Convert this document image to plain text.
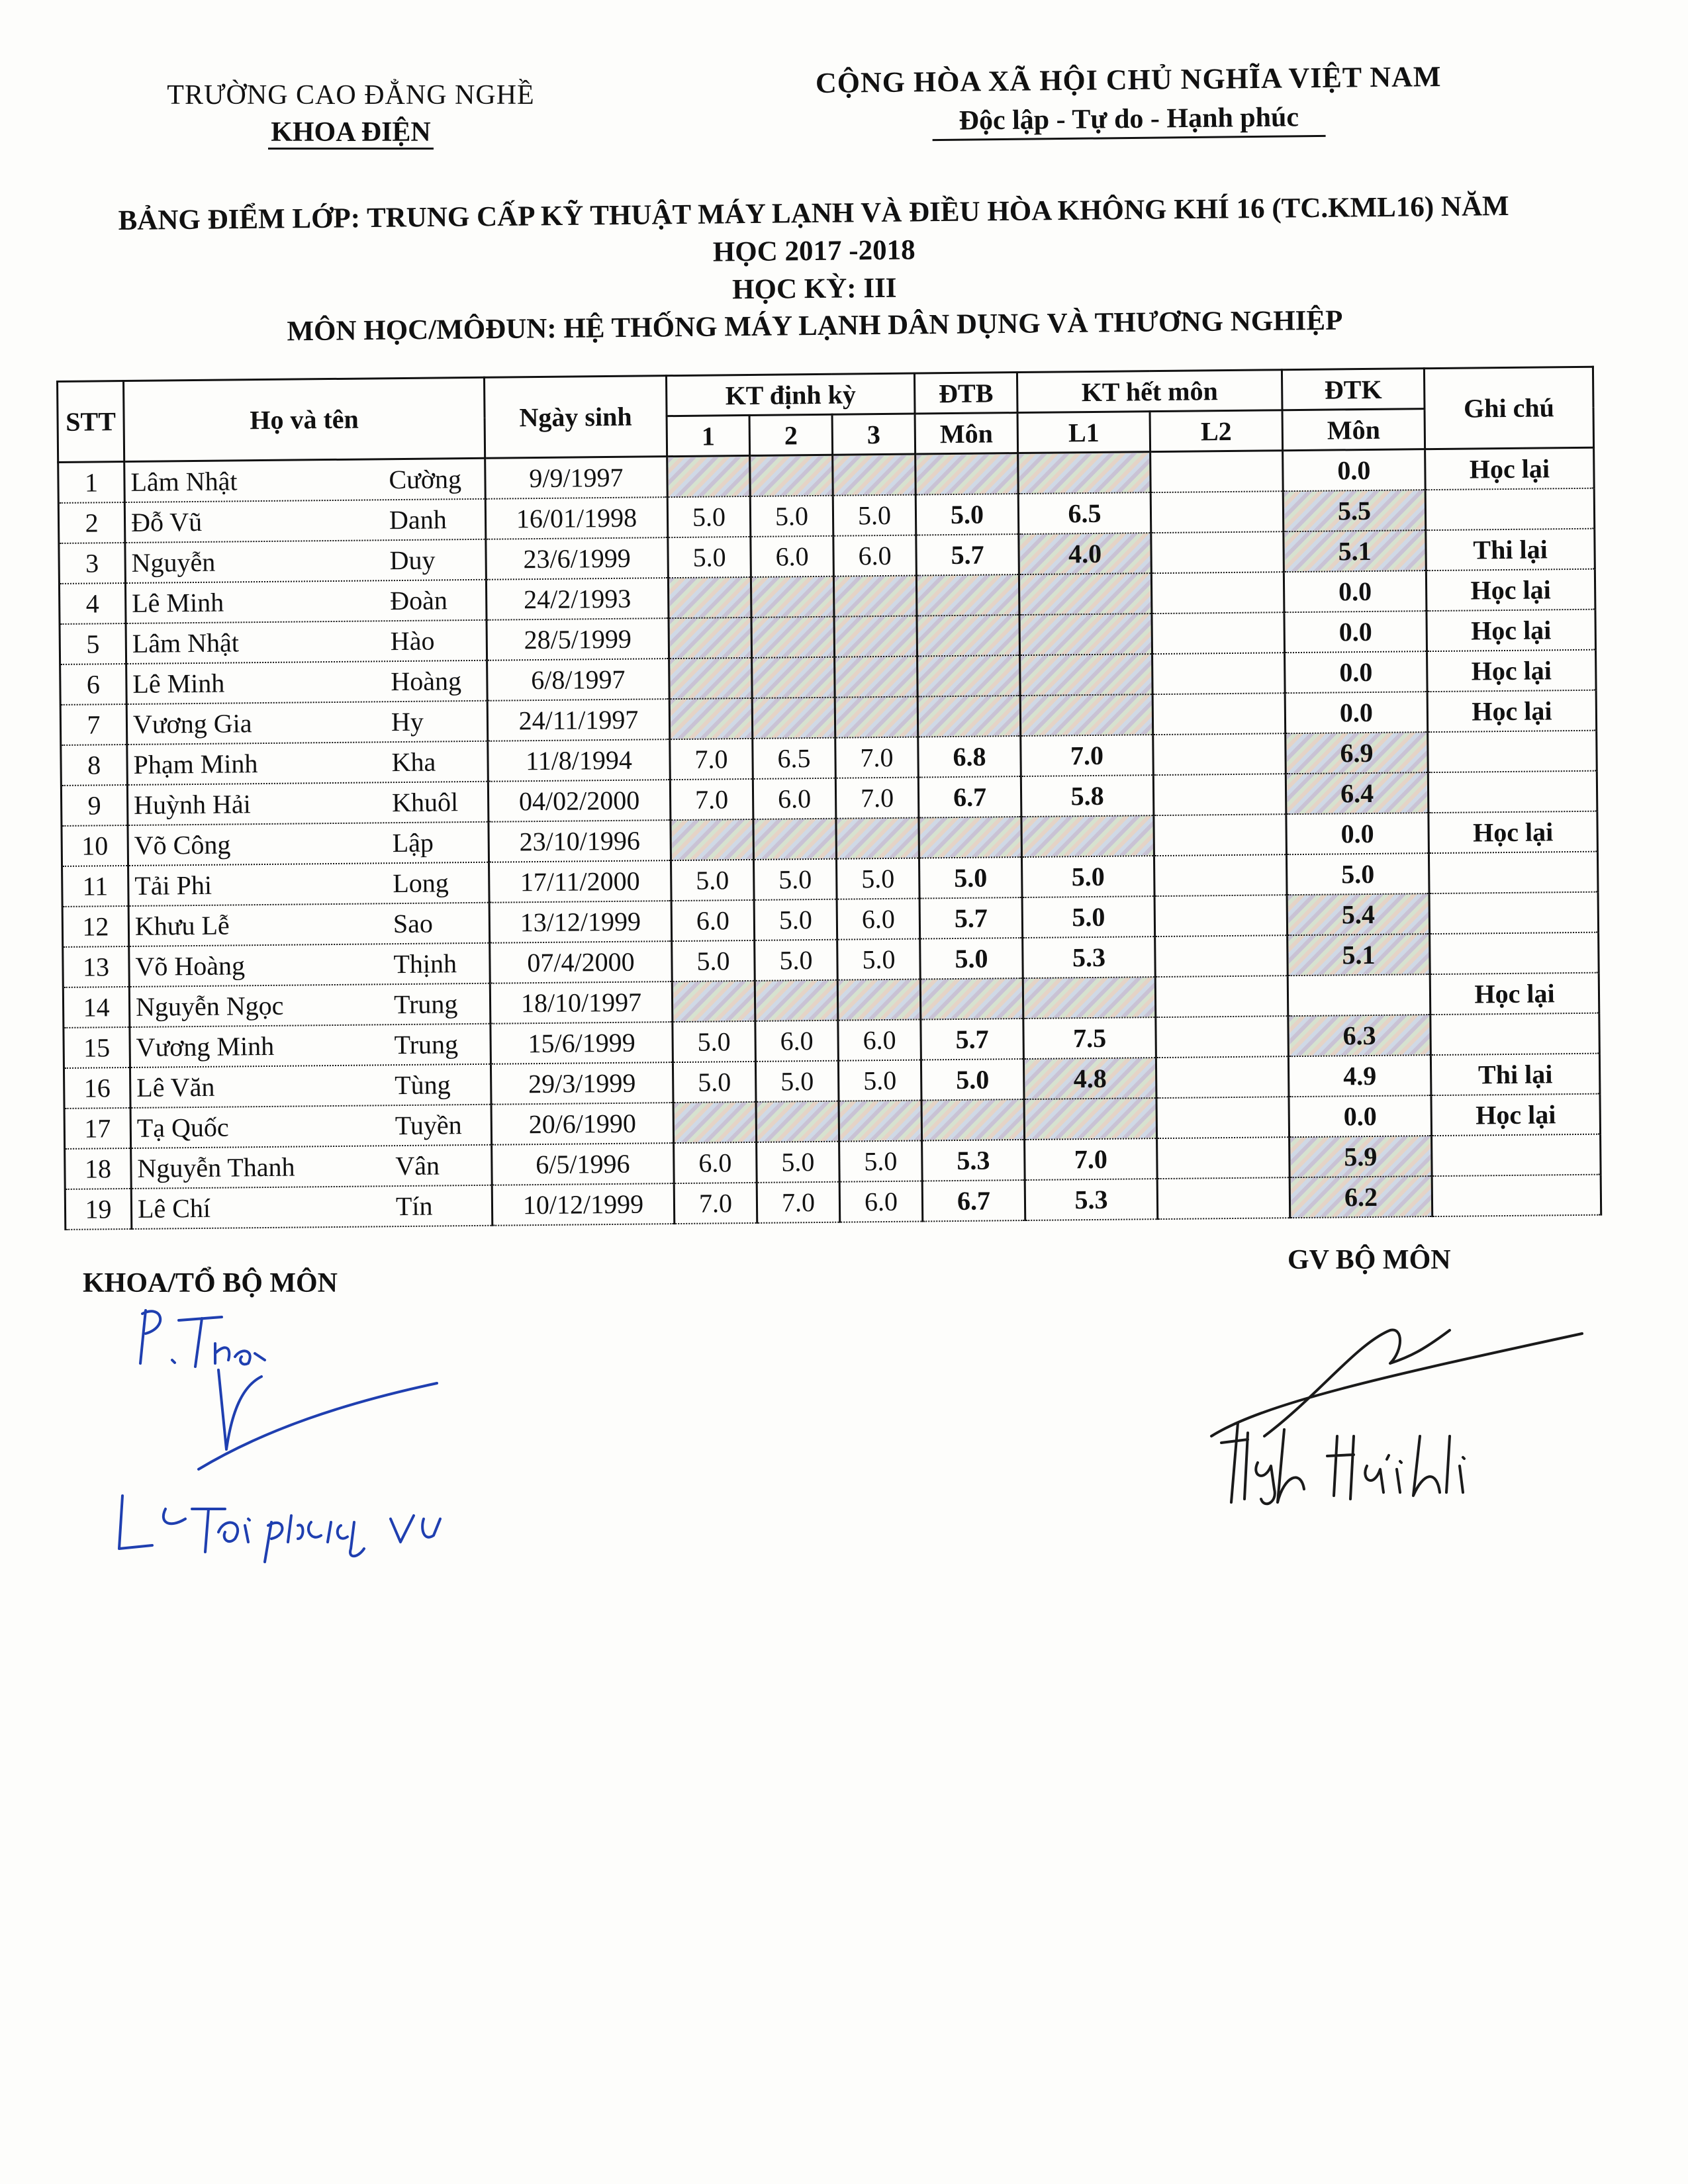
TRƯỜNG CAO ĐẲNG NGHỀ
KHOA ĐIỆN
CỘNG HÒA XÃ HỘI CHỦ NGHĨA VIỆT NAM
Độc lập - Tự do - Hạnh phúc
BẢNG ĐIỂM LỚP: TRUNG CẤP KỸ THUẬT MÁY LẠNH VÀ ĐIỀU HÒA KHÔNG KHÍ 16 (TC.KML16) NĂM
HỌC 2017 -2018
HỌC KỲ: III
MÔN HỌC/MÔĐUN: HỆ THỐNG MÁY LẠNH DÂN DỤNG VÀ THƯƠNG NGHIỆP
STT	Họ và tên	Ngày sinh	KT định kỳ			ĐTB	KT hết môn		ĐTK	Ghi chú
			1	2	3	Môn	L1	L2	Môn	
1	Lâm Nhật Cường	9/9/1997							0.0	Học lại
2	Đỗ Vũ Danh	16/01/1998	5.0	5.0	5.0	5.0	6.5		5.5	
3	Nguyễn Duy	23/6/1999	5.0	6.0	6.0	5.7	4.0		5.1	Thi lại
4	Lê Minh Đoàn	24/2/1993							0.0	Học lại
5	Lâm Nhật Hào	28/5/1999							0.0	Học lại
6	Lê Minh Hoàng	6/8/1997							0.0	Học lại
7	Vương Gia Hy	24/11/1997							0.0	Học lại
8	Phạm Minh Kha	11/8/1994	7.0	6.5	7.0	6.8	7.0		6.9	
9	Huỳnh Hải Khuôl	04/02/2000	7.0	6.0	7.0	6.7	5.8		6.4	
10	Võ Công Lập	23/10/1996							0.0	Học lại
11	Tải Phi Long	17/11/2000	5.0	5.0	5.0	5.0	5.0		5.0	
12	Khưu Lễ Sao	13/12/1999	6.0	5.0	6.0	5.7	5.0		5.4	
13	Võ Hoàng Thịnh	07/4/2000	5.0	5.0	5.0	5.0	5.3		5.1	
14	Nguyễn Ngọc Trung	18/10/1997								Học lại
15	Vương Minh Trung	15/6/1999	5.0	6.0	6.0	5.7	7.5		6.3	
16	Lê Văn Tùng	29/3/1999	5.0	5.0	5.0	5.0	4.8		4.9	Thi lại
17	Tạ Quốc Tuyền	20/6/1990							0.0	Học lại
18	Nguyễn Thanh Vân	6/5/1996	6.0	5.0	5.0	5.3	7.0		5.9	
19	Lê Chí Tín	10/12/1999	7.0	7.0	6.0	6.7	5.3		6.2	
KHOA/TỔ BỘ MÔN
GV BỘ MÔN
